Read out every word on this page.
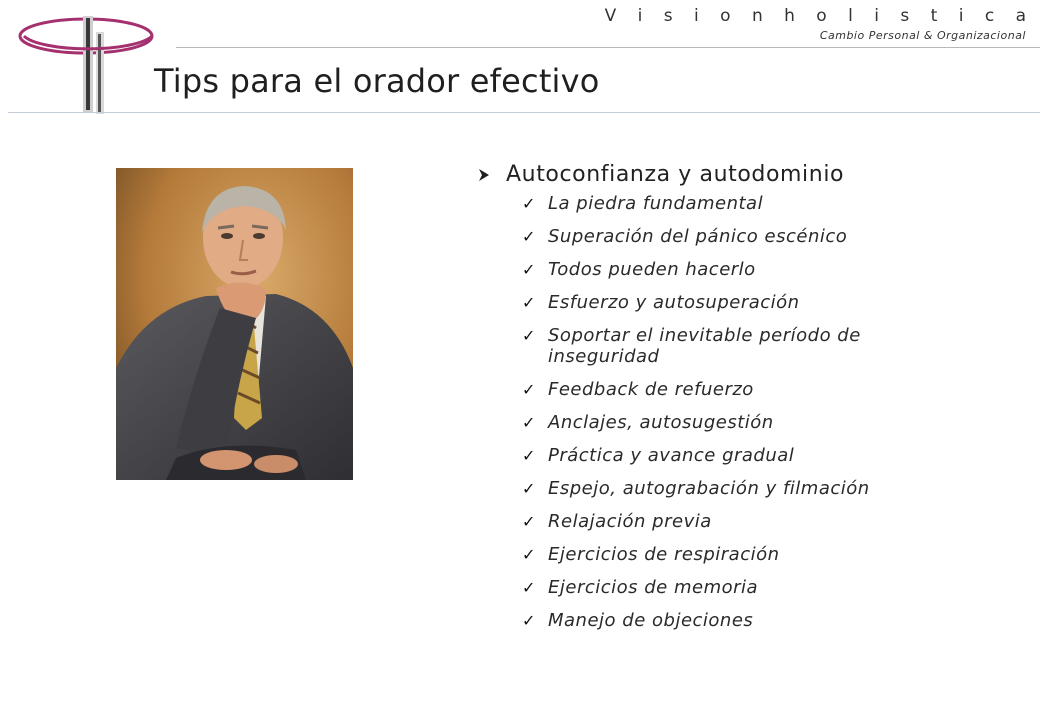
V i s i o n h o l i s t i c a
Cambio Personal & Organizacional
Tips para el orador efectivo
Autoconfianza y autodominio
✓ La piedra fundamental
✓ Superación del pánico escénico
✓ Todos pueden hacerlo
✓ Esfuerzo y autosuperación
✓ Soportar el inevitable período de inseguridad
✓ Feedback de refuerzo
✓ Anclajes, autosugestión
✓ Práctica y avance gradual
✓ Espejo, autograbación y filmación
✓ Relajación previa
✓ Ejercicios de respiración
✓ Ejercicios de memoria
✓ Manejo de objeciones
